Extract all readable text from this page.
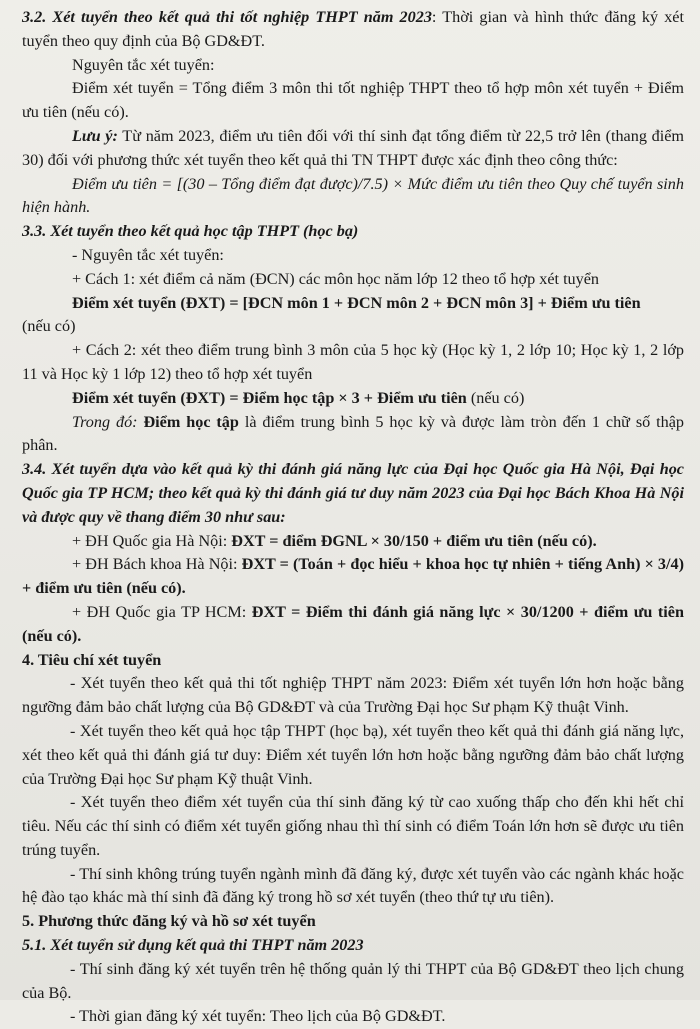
3.2. Xét tuyển theo kết quả thi tốt nghiệp THPT năm 2023: Thời gian và hình thức đăng ký xét tuyển theo quy định của Bộ GD&ĐT.

Nguyên tắc xét tuyển:

Điểm xét tuyển = Tổng điểm 3 môn thi tốt nghiệp THPT theo tổ hợp môn xét tuyển + Điểm ưu tiên (nếu có).

Lưu ý: Từ năm 2023, điểm ưu tiên đối với thí sinh đạt tổng điểm từ 22,5 trở lên (thang điểm 30) đối với phương thức xét tuyển theo kết quả thi TN THPT được xác định theo công thức:

Điểm ưu tiên = [(30 – Tổng điểm đạt được)/7.5) × Mức điểm ưu tiên theo Quy chế tuyển sinh hiện hành.

3.3. Xét tuyển theo kết quả học tập THPT (học bạ)

- Nguyên tắc xét tuyển:

+ Cách 1: xét điểm cả năm (ĐCN) các môn học năm lớp 12 theo tổ hợp xét tuyển

Điểm xét tuyển (ĐXT) = [ĐCN môn 1 + ĐCN môn 2 + ĐCN môn 3] + Điểm ưu tiên

(nếu có)

+ Cách 2: xét theo điểm trung bình 3 môn của 5 học kỳ (Học kỳ 1, 2 lớp 10; Học kỳ 1, 2 lớp 11 và Học kỳ 1 lớp 12) theo tổ hợp xét tuyển

Điểm xét tuyển (ĐXT) = Điểm học tập × 3 + Điểm ưu tiên (nếu có)

Trong đó: Điểm học tập là điểm trung bình 5 học kỳ và được làm tròn đến 1 chữ số thập phân.

3.4. Xét tuyển dựa vào kết quả kỳ thi đánh giá năng lực của Đại học Quốc gia Hà Nội, Đại học Quốc gia TP HCM; theo kết quả kỳ thi đánh giá tư duy năm 2023 của Đại học Bách Khoa Hà Nội và được quy về thang điểm 30 như sau:

+ ĐH Quốc gia Hà Nội: ĐXT = điểm ĐGNL × 30/150 + điểm ưu tiên (nếu có).

+ ĐH Bách khoa Hà Nội: ĐXT = (Toán + đọc hiểu + khoa học tự nhiên + tiếng Anh) × 3/4) + điểm ưu tiên (nếu có).

+ ĐH Quốc gia TP HCM: ĐXT = Điểm thi đánh giá năng lực × 30/1200 + điểm ưu tiên (nếu có).

4. Tiêu chí xét tuyển

- Xét tuyển theo kết quả thi tốt nghiệp THPT năm 2023: Điểm xét tuyển lớn hơn hoặc bằng ngưỡng đảm bảo chất lượng của Bộ GD&ĐT và của Trường Đại học Sư phạm Kỹ thuật Vinh.

- Xét tuyển theo kết quả học tập THPT (học bạ), xét tuyển theo kết quả thi đánh giá năng lực, xét theo kết quả thi đánh giá tư duy: Điểm xét tuyển lớn hơn hoặc bằng ngưỡng đảm bảo chất lượng của Trường Đại học Sư phạm Kỹ thuật Vinh.

- Xét tuyển theo điểm xét tuyển của thí sinh đăng ký từ cao xuống thấp cho đến khi hết chỉ tiêu. Nếu các thí sinh có điểm xét tuyển giống nhau thì thí sinh có điểm Toán lớn hơn sẽ được ưu tiên trúng tuyển.

- Thí sinh không trúng tuyển ngành mình đã đăng ký, được xét tuyển vào các ngành khác hoặc hệ đào tạo khác mà thí sinh đã đăng ký trong hồ sơ xét tuyển (theo thứ tự ưu tiên).

5. Phương thức đăng ký và hồ sơ xét tuyển

5.1. Xét tuyển sử dụng kết quả thi THPT năm 2023

- Thí sinh đăng ký xét tuyển trên hệ thống quản lý thi THPT của Bộ GD&ĐT theo lịch chung của Bộ.

- Thời gian đăng ký xét tuyển: Theo lịch của Bộ GD&ĐT.
